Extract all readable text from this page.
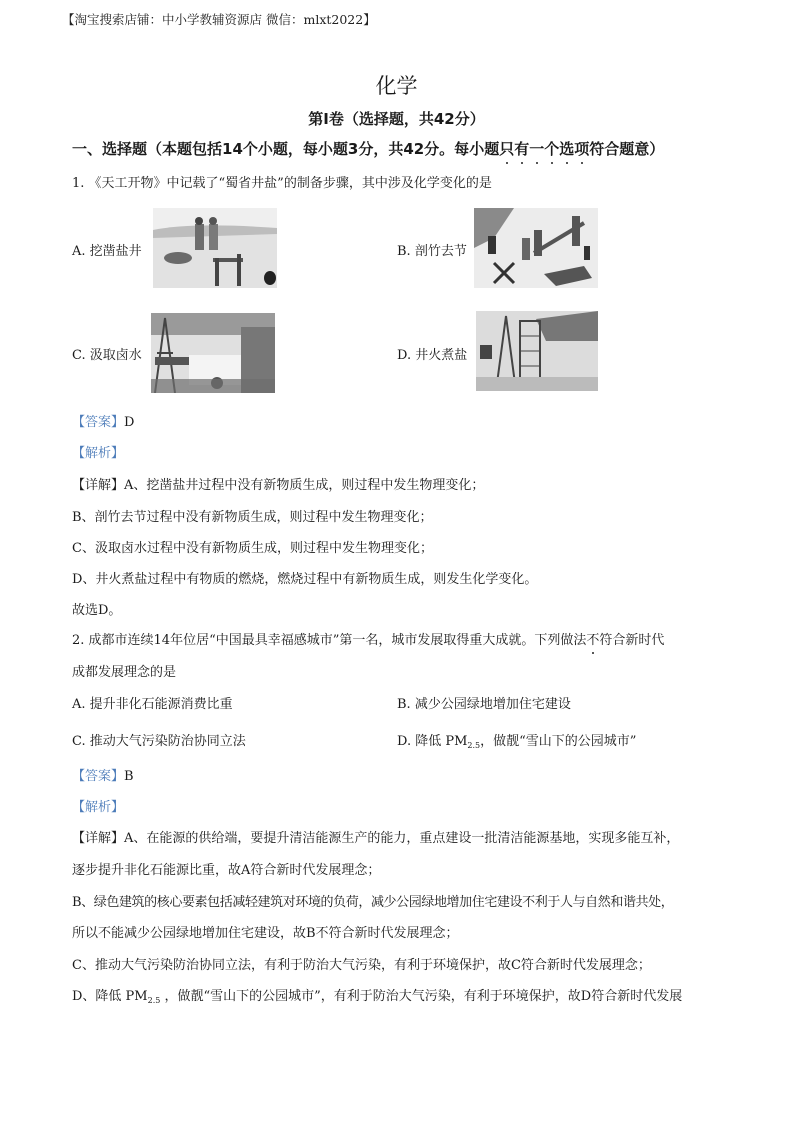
【淘宝搜索店铺：中小学教辅资源店 微信：mlxt2022】
化学
第I卷（选择题，共42分）
一、选择题（本题包括14个小题，每小题3分，共42分。每小题只有一个选项符合题意）
1. 《天工开物》中记载了“蜀省井盐”的制备步骤，其中涉及化学变化的是
A. 挖凿盐井	B. 剖竹去节
C. 汲取卤水	D. 井火煮盐
【答案】D
【解析】
【详解】A、挖凿盐井过程中没有新物质生成，则过程中发生物理变化；
B、剖竹去节过程中没有新物质生成，则过程中发生物理变化；
C、汲取卤水过程中没有新物质生成，则过程中发生物理变化；
D、井火煮盐过程中有物质的燃烧，燃烧过程中有新物质生成，则发生化学变化。
故选D。
2. 成都市连续14年位居“中国最具幸福感城市”第一名，城市发展取得重大成就。下列做法不符合新时代
成都发展理念的是
A. 提升非化石能源消费比重	B. 减少公园绿地增加住宅建设
C. 推动大气污染防治协同立法	D. 降低 $PM_{2.5}$，做靓“雪山下的公园城市”
【答案】B
【解析】
【详解】A、在能源的供给端，要提升清洁能源生产的能力，重点建设一批清洁能源基地，实现多能互补，
逐步提升非化石能源比重，故A符合新时代发展理念；
B、绿色建筑的核心要素包括减轻建筑对环境的负荷，减少公园绿地增加住宅建设不利于人与自然和谐共处，
所以不能减少公园绿地增加住宅建设，故B不符合新时代发展理念；
C、推动大气污染防治协同立法，有利于防治大气污染，有利于环境保护，故C符合新时代发展理念；
D、降低 $PM_{2.5}$ ，做靓“雪山下的公园城市”，有利于防治大气污染，有利于环境保护，故D符合新时代发展
